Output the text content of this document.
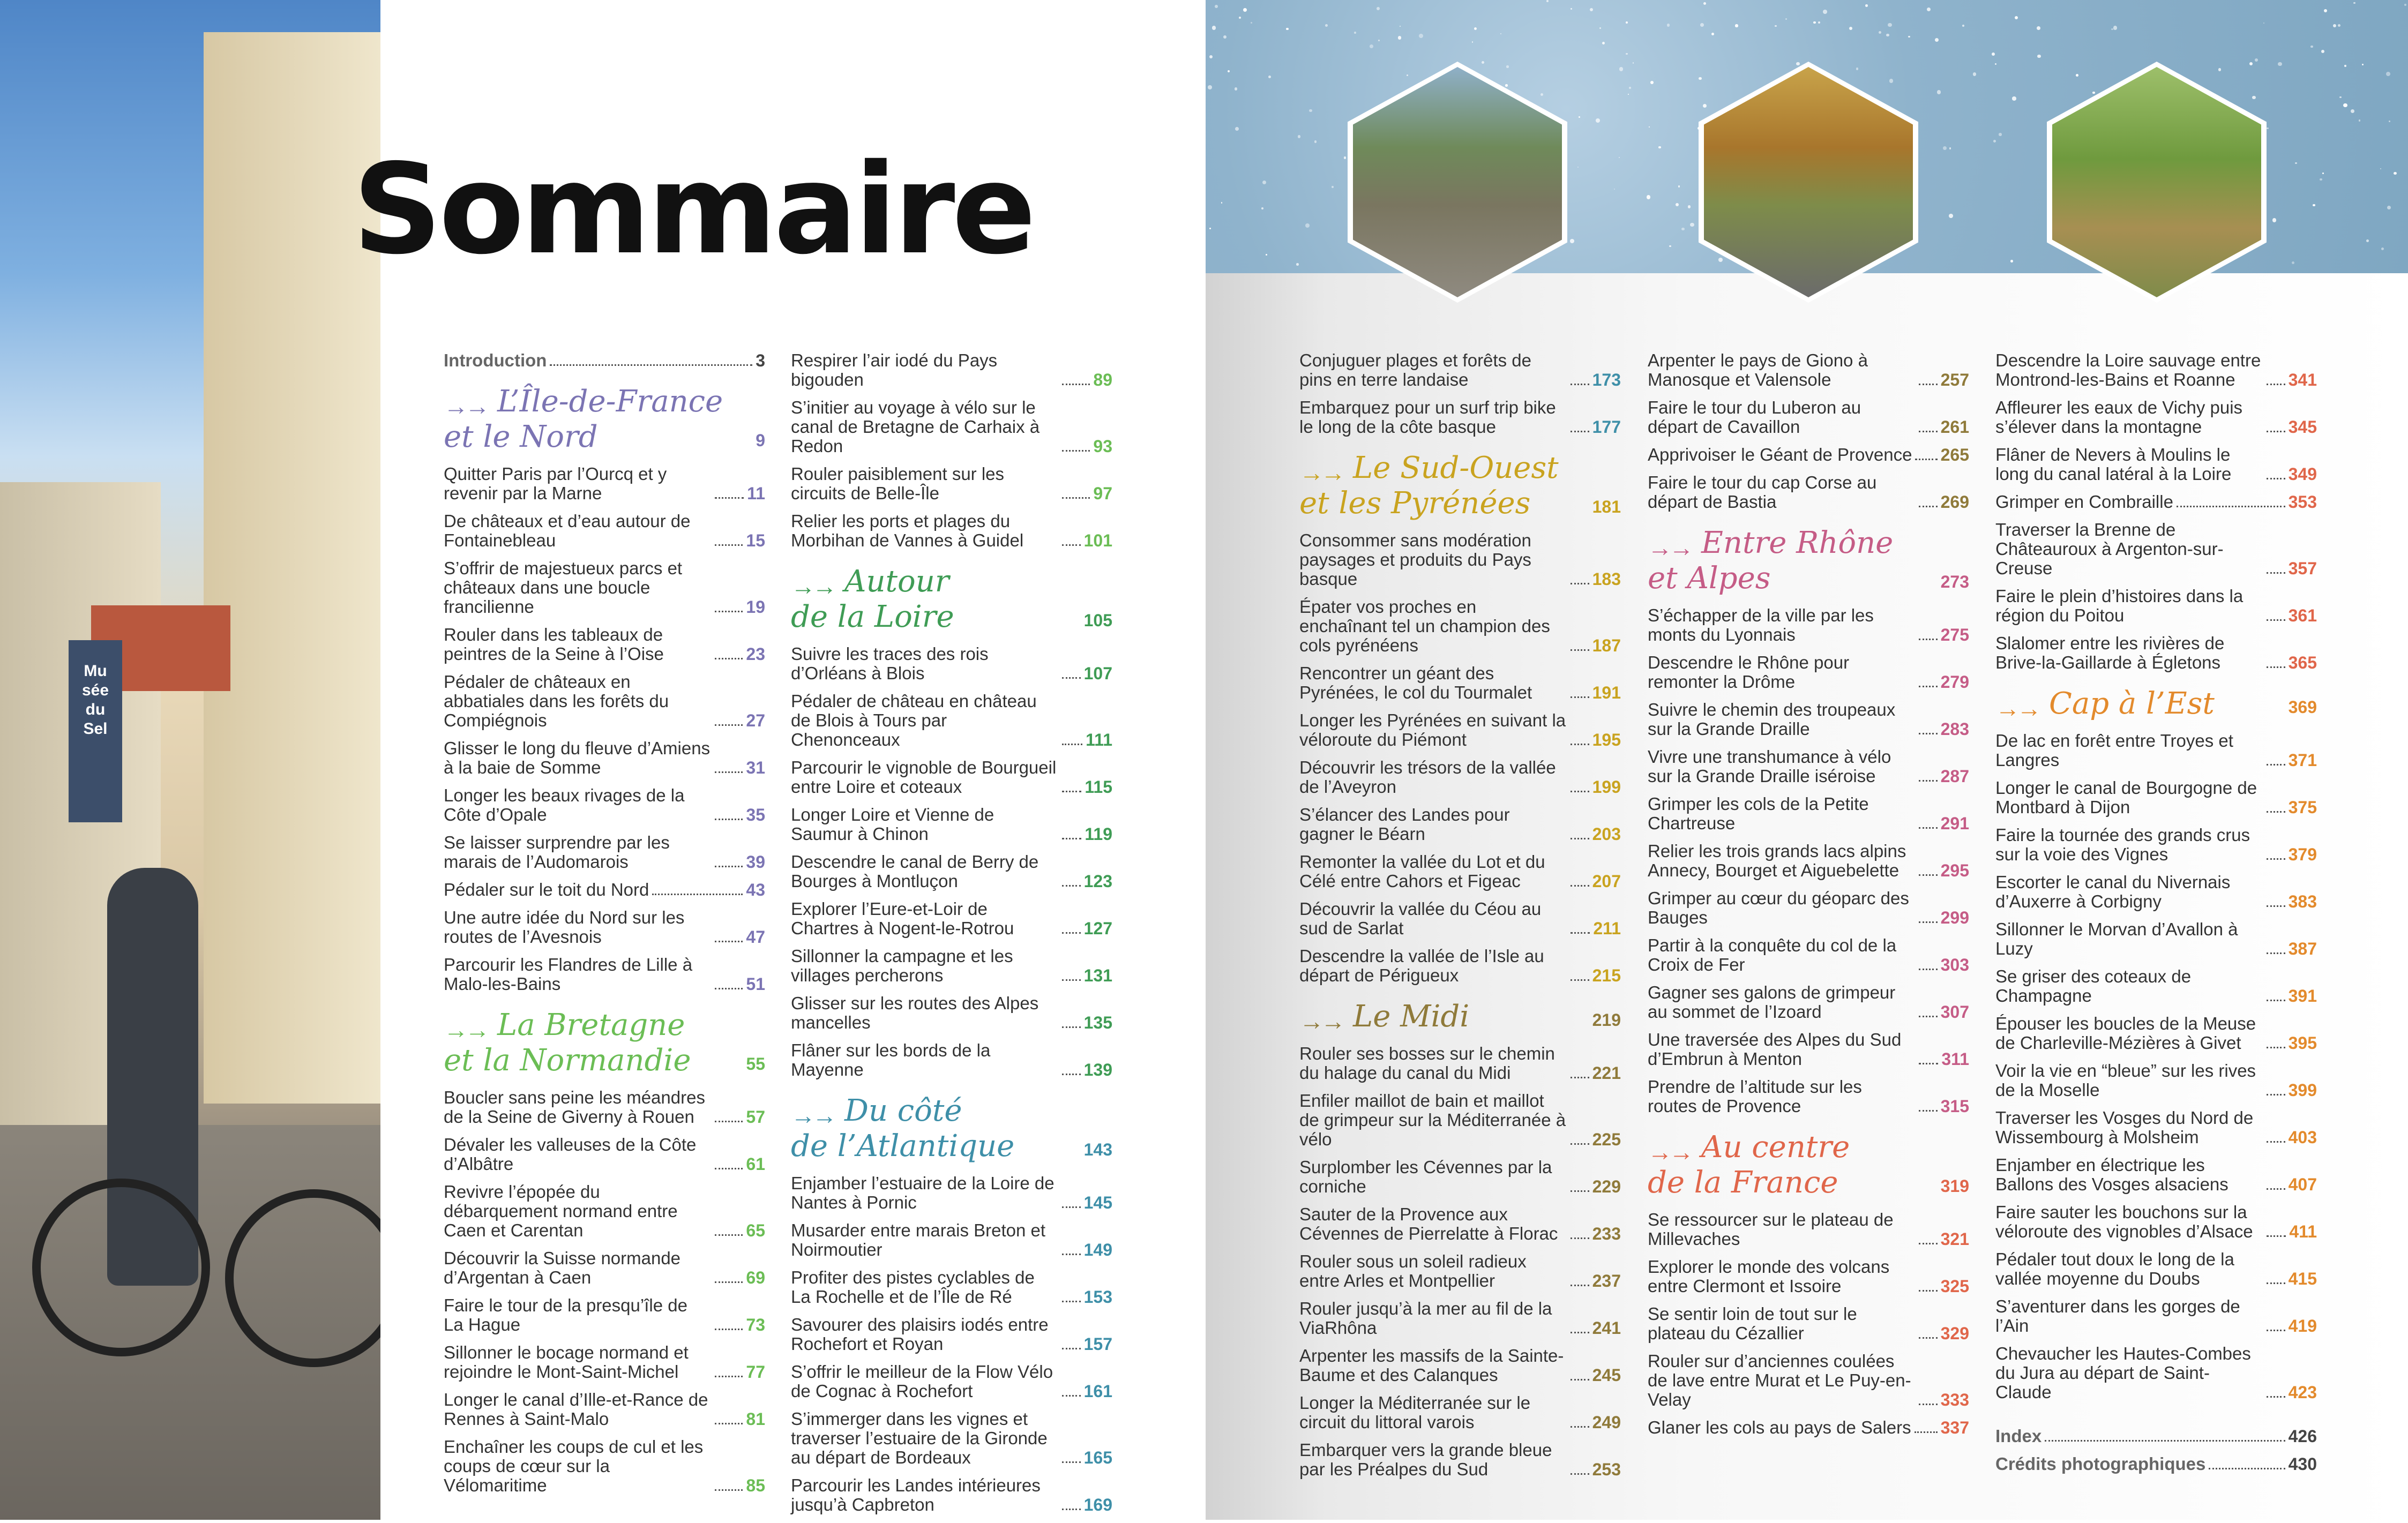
Mu
sée
du
Sel
Sommaire
Introduction	3
→→ L’Île-de-France
et le Nord	9
Quitter Paris par l’Ourcq et y revenir par la Marne	11
De châteaux et d’eau autour de Fontainebleau	15
S’offrir de majestueux parcs et châteaux dans une boucle francilienne	19
Rouler dans les tableaux de peintres de la Seine à l’Oise	23
Pédaler de châteaux en abbatiales dans les forêts du Compiégnois	27
Glisser le long du fleuve d’Amiens à la baie de Somme	31
Longer les beaux rivages de la Côte d’Opale	35
Se laisser surprendre par les marais de l’Audomarois	39
Pédaler sur le toit du Nord	43
Une autre idée du Nord sur les routes de l’Avesnois	47
Parcourir les Flandres de Lille à Malo-les-Bains	51
→→ La Bretagne
et la Normandie	55
Boucler sans peine les méandres de la Seine de Giverny à Rouen	57
Dévaler les valleuses de la Côte d’Albâtre	61
Revivre l’épopée du débarquement normand entre Caen et Carentan	65
Découvrir la Suisse normande d’Argentan à Caen	69
Faire le tour de la presqu’île de La Hague	73
Sillonner le bocage normand et rejoindre le Mont-Saint-Michel	77
Longer le canal d’Ille-et-Rance de Rennes à Saint-Malo	81
Enchaîner les coups de cul et les coups de cœur sur la Vélomaritime	85
Respirer l’air iodé du Pays bigouden	89
S’initier au voyage à vélo sur le canal de Bretagne de Carhaix à Redon	93
Rouler paisiblement sur les circuits de Belle-Île	97
Relier les ports et plages du Morbihan de Vannes à Guidel	101
→→ Autour
de la Loire	105
Suivre les traces des rois d’Orléans à Blois	107
Pédaler de château en château de Blois à Tours par Chenonceaux	111
Parcourir le vignoble de Bourgueil entre Loire et coteaux	115
Longer Loire et Vienne de Saumur à Chinon	119
Descendre le canal de Berry de Bourges à Montluçon	123
Explorer l’Eure-et-Loir de Chartres à Nogent-le-Rotrou	127
Sillonner la campagne et les villages percherons	131
Glisser sur les routes des Alpes mancelles	135
Flâner sur les bords de la Mayenne	139
→→ Du côté
de l’Atlantique	143
Enjamber l’estuaire de la Loire de Nantes à Pornic	145
Musarder entre marais Breton et Noirmoutier	149
Profiter des pistes cyclables de La Rochelle et de l’Île de Ré	153
Savourer des plaisirs iodés entre Rochefort et Royan	157
S’offrir le meilleur de la Flow Vélo de Cognac à Rochefort	161
S’immerger dans les vignes et traverser l’estuaire de la Gironde au départ de Bordeaux	165
Parcourir les Landes intérieures jusqu’à Capbreton	169
Conjuguer plages et forêts de pins en terre landaise	173
Embarquez pour un surf trip bike le long de la côte basque	177
→→ Le Sud-Ouest
et les Pyrénées	181
Consommer sans modération paysages et produits du Pays basque	183
Épater vos proches en enchaînant tel un champion des cols pyrénéens	187
Rencontrer un géant des Pyrénées, le col du Tourmalet	191
Longer les Pyrénées en suivant la véloroute du Piémont	195
Découvrir les trésors de la vallée de l’Aveyron	199
S’élancer des Landes pour gagner le Béarn	203
Remonter la vallée du Lot et du Célé entre Cahors et Figeac	207
Découvrir la vallée du Céou au sud de Sarlat	211
Descendre la vallée de l’Isle au départ de Périgueux	215
→→ Le Midi	219
Rouler ses bosses sur le chemin du halage du canal du Midi	221
Enfiler maillot de bain et maillot de grimpeur sur la Méditerranée à vélo	225
Surplomber les Cévennes par la corniche	229
Sauter de la Provence aux Cévennes de Pierrelatte à Florac	233
Rouler sous un soleil radieux entre Arles et Montpellier	237
Rouler jusqu’à la mer au fil de la ViaRhôna	241
Arpenter les massifs de la Sainte-Baume et des Calanques	245
Longer la Méditerranée sur le circuit du littoral varois	249
Embarquer vers la grande bleue par les Préalpes du Sud	253
Arpenter le pays de Giono à Manosque et Valensole	257
Faire le tour du Luberon au départ de Cavaillon	261
Apprivoiser le Géant de Provence 265
Faire le tour du cap Corse au départ de Bastia	269
→→ Entre Rhône
et Alpes	273
S’échapper de la ville par les monts du Lyonnais	275
Descendre le Rhône pour remonter la Drôme	279
Suivre le chemin des troupeaux sur la Grande Draille	283
Vivre une transhumance à vélo sur la Grande Draille iséroise	287
Grimper les cols de la Petite Chartreuse	291
Relier les trois grands lacs alpins Annecy, Bourget et Aiguebelette	295
Grimper au cœur du géoparc des Bauges	299
Partir à la conquête du col de la Croix de Fer	303
Gagner ses galons de grimpeur au sommet de l’Izoard	307
Une traversée des Alpes du Sud d’Embrun à Menton	311
Prendre de l’altitude sur les routes de Provence	315
→→ Au centre
de la France	319
Se ressourcer sur le plateau de Millevaches	321
Explorer le monde des volcans entre Clermont et Issoire	325
Se sentir loin de tout sur le plateau du Cézallier	329
Rouler sur d’anciennes coulées de lave entre Murat et Le Puy-en-Velay	333
Glaner les cols au pays de Salers 337
Descendre la Loire sauvage entre Montrond-les-Bains et Roanne	341
Affleurer les eaux de Vichy puis s’élever dans la montagne	345
Flâner de Nevers à Moulins le long du canal latéral à la Loire	349
Grimper en Combraille	353
Traverser la Brenne de Châteauroux à Argenton-sur-Creuse	357
Faire le plein d’histoires dans la région du Poitou	361
Slalomer entre les rivières de Brive-la-Gaillarde à Égletons	365
→→ Cap à l’Est	369
De lac en forêt entre Troyes et Langres	371
Longer le canal de Bourgogne de Montbard à Dijon	375
Faire la tournée des grands crus sur la voie des Vignes	379
Escorter le canal du Nivernais d’Auxerre à Corbigny	383
Sillonner le Morvan d’Avallon à Luzy	387
Se griser des coteaux de Champagne	391
Épouser les boucles de la Meuse de Charleville-Mézières à Givet	395
Voir la vie en “bleue” sur les rives de la Moselle	399
Traverser les Vosges du Nord de Wissembourg à Molsheim	403
Enjamber en électrique les Ballons des Vosges alsaciens	407
Faire sauter les bouchons sur la véloroute des vignobles d’Alsace	411
Pédaler tout doux le long de la vallée moyenne du Doubs	415
S’aventurer dans les gorges de l’Ain	419
Chevaucher les Hautes-Combes du Jura au départ de Saint-Claude	423
Index	426
Crédits photographiques	430
